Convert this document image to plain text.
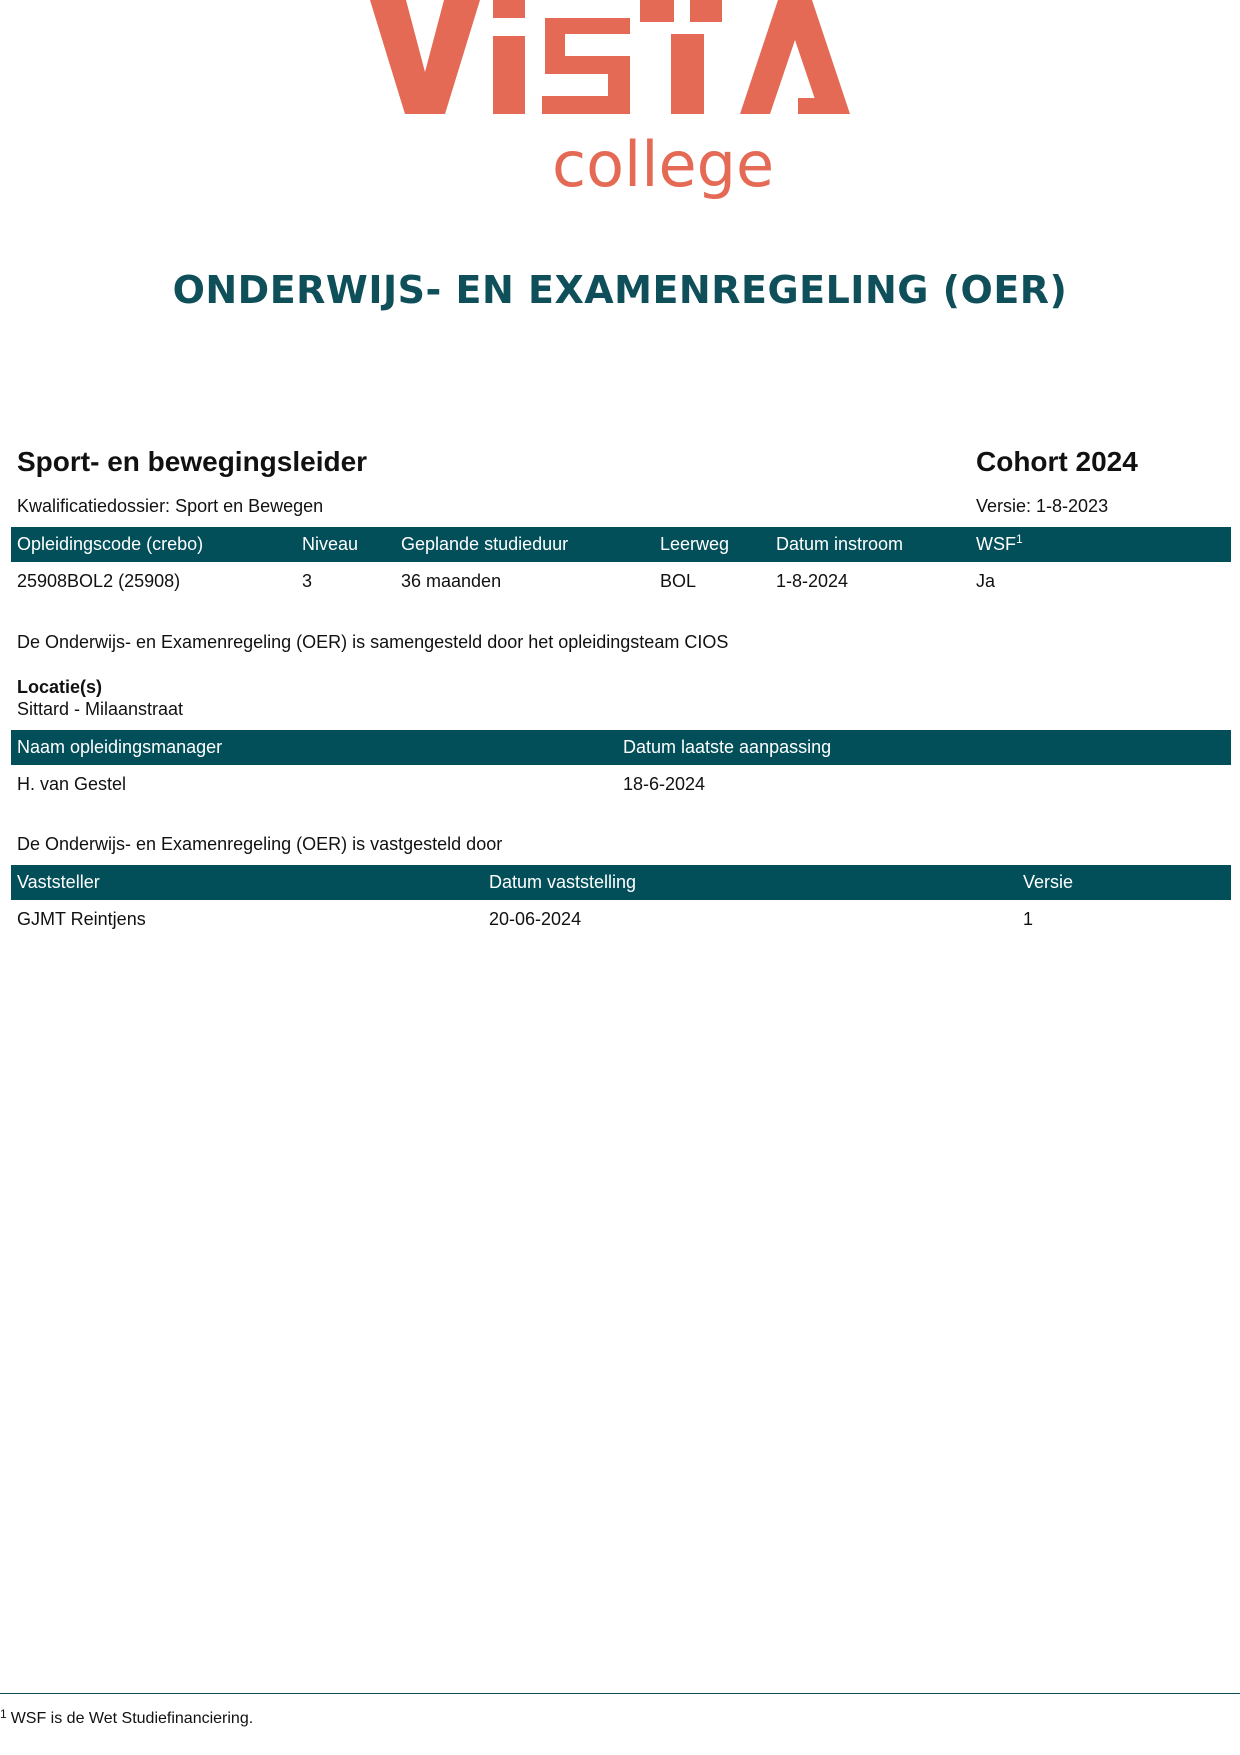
college
ONDERWIJS- EN EXAMENREGELING (OER)
Sport- en bewegingsleider	Cohort 2024
Kwalificatiedossier: Sport en Bewegen	Versie: 1-8-2023
Opleidingscode (crebo)	Niveau	Geplande studieduur	Leerweg	Datum instroom	WSF$^1$
25908BOL2 (25908)	3	36 maanden	BOL	1-8-2024	Ja
De Onderwijs- en Examenregeling (OER) is samengesteld door het opleidingsteam CIOS
Locatie(s)
Sittard - Milaanstraat
Naam opleidingsmanager	Datum laatste aanpassing
H. van Gestel	18-6-2024
De Onderwijs- en Examenregeling (OER) is vastgesteld door
Vaststeller	Datum vaststelling	Versie
GJMT Reintjens	20-06-2024	1
$^1$ WSF is de Wet Studiefinanciering.
